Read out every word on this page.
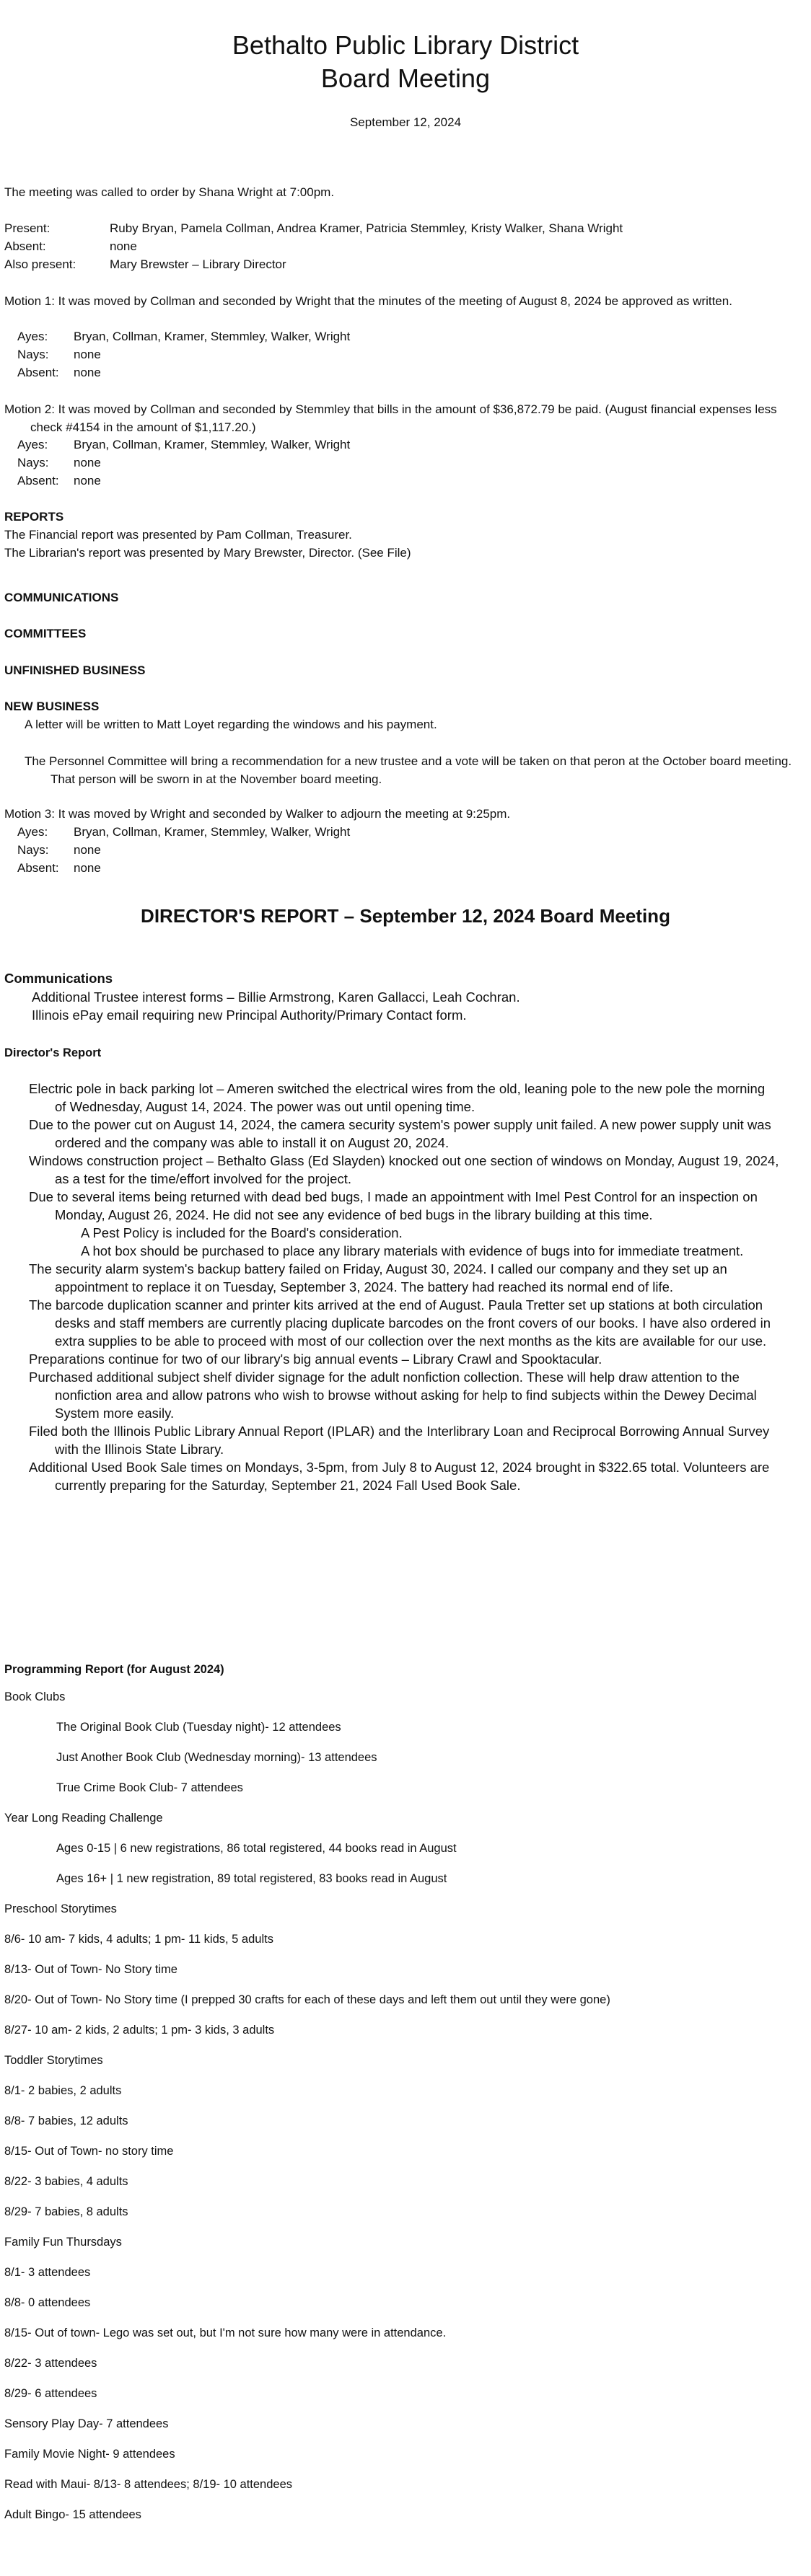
Bethalto Public Library District
Board Meeting
September 12, 2024
The meeting was called to order by Shana Wright at 7:00pm.
Present:	Ruby Bryan, Pamela Collman, Andrea Kramer, Patricia Stemmley, Kristy Walker, Shana Wright
Absent:	none
Also present:	Mary Brewster – Library Director
Motion 1: It was moved by Collman and seconded by Wright that the minutes of the meeting of August 8, 2024 be approved as written.
Ayes: Bryan, Collman, Kramer, Stemmley, Walker, Wright
Nays: none
Absent: none
Motion 2: It was moved by Collman and seconded by Stemmley that bills in the amount of $36,872.79 be paid. (August financial expenses less check #4154 in the amount of $1,117.20.)
Ayes: Bryan, Collman, Kramer, Stemmley, Walker, Wright
Nays: none
Absent: none
REPORTS
The Financial report was presented by Pam Collman, Treasurer.
The Librarian's report was presented by Mary Brewster, Director. (See File)
COMMUNICATIONS
COMMITTEES
UNFINISHED BUSINESS
NEW BUSINESS
A letter will be written to Matt Loyet regarding the windows and his payment.
The Personnel Committee will bring a recommendation for a new trustee and a vote will be taken on that peron at the October board meeting. That person will be sworn in at the November board meeting.
Motion 3: It was moved by Wright and seconded by Walker to adjourn the meeting at 9:25pm.
Ayes: Bryan, Collman, Kramer, Stemmley, Walker, Wright
Nays: none
Absent: none
DIRECTOR'S REPORT – September 12, 2024 Board Meeting
Communications
Additional Trustee interest forms – Billie Armstrong, Karen Gallacci, Leah Cochran.
Illinois ePay email requiring new Principal Authority/Primary Contact form.
Director's Report
Electric pole in back parking lot – Ameren switched the electrical wires from the old, leaning pole to the new pole the morning of Wednesday, August 14, 2024. The power was out until opening time.
Due to the power cut on August 14, 2024, the camera security system's power supply unit failed. A new power supply unit was ordered and the company was able to install it on August 20, 2024.
Windows construction project – Bethalto Glass (Ed Slayden) knocked out one section of windows on Monday, August 19, 2024, as a test for the time/effort involved for the project.
Due to several items being returned with dead bed bugs, I made an appointment with Imel Pest Control for an inspection on Monday, August 26, 2024. He did not see any evidence of bed bugs in the library building at this time.
A Pest Policy is included for the Board's consideration.
A hot box should be purchased to place any library materials with evidence of bugs into for immediate treatment.
The security alarm system's backup battery failed on Friday, August 30, 2024. I called our company and they set up an appointment to replace it on Tuesday, September 3, 2024. The battery had reached its normal end of life.
The barcode duplication scanner and printer kits arrived at the end of August. Paula Tretter set up stations at both circulation desks and staff members are currently placing duplicate barcodes on the front covers of our books. I have also ordered in extra supplies to be able to proceed with most of our collection over the next months as the kits are available for our use.
Preparations continue for two of our library's big annual events – Library Crawl and Spooktacular.
Purchased additional subject shelf divider signage for the adult nonfiction collection. These will help draw attention to the nonfiction area and allow patrons who wish to browse without asking for help to find subjects within the Dewey Decimal System more easily.
Filed both the Illinois Public Library Annual Report (IPLAR) and the Interlibrary Loan and Reciprocal Borrowing Annual Survey with the Illinois State Library.
Additional Used Book Sale times on Mondays, 3-5pm, from July 8 to August 12, 2024 brought in $322.65 total. Volunteers are currently preparing for the Saturday, September 21, 2024 Fall Used Book Sale.
Programming Report (for August 2024)
Book Clubs
The Original Book Club (Tuesday night)- 12 attendees
Just Another Book Club (Wednesday morning)- 13 attendees
True Crime Book Club- 7 attendees
Year Long Reading Challenge
Ages 0-15 | 6 new registrations, 86 total registered, 44 books read in August
Ages 16+ | 1 new registration, 89 total registered, 83 books read in August
Preschool Storytimes
8/6- 10 am- 7 kids, 4 adults; 1 pm- 11 kids, 5 adults
8/13- Out of Town- No Story time
8/20- Out of Town- No Story time (I prepped 30 crafts for each of these days and left them out until they were gone)
8/27- 10 am- 2 kids, 2 adults; 1 pm- 3 kids, 3 adults
Toddler Storytimes
8/1- 2 babies, 2 adults
8/8- 7 babies, 12 adults
8/15- Out of Town- no story time
8/22- 3 babies, 4 adults
8/29- 7 babies, 8 adults
Family Fun Thursdays
8/1- 3 attendees
8/8- 0 attendees
8/15- Out of town- Lego was set out, but I'm not sure how many were in attendance.
8/22- 3 attendees
8/29- 6 attendees
Sensory Play Day- 7 attendees
Family Movie Night- 9 attendees
Read with Maui- 8/13- 8 attendees; 8/19- 10 attendees
Adult Bingo- 15 attendees
